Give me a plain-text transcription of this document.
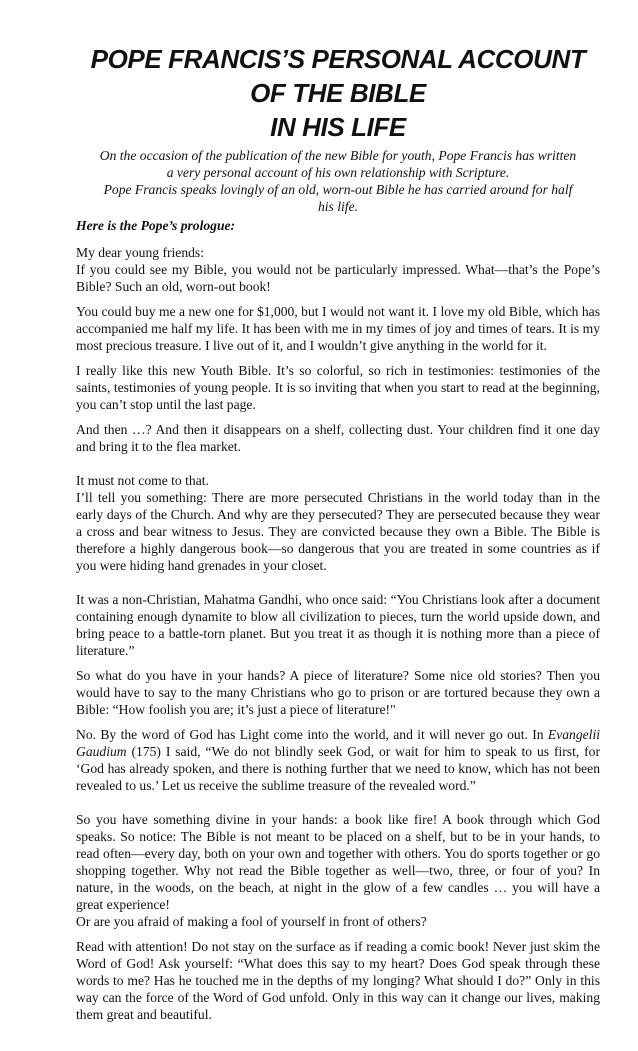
POPE FRANCIS’S PERSONAL ACCOUNT
OF THE BIBLE
IN HIS LIFE
On the occasion of the publication of the new Bible for youth, Pope Francis has written
a very personal account of his own relationship with Scripture.
Pope Francis speaks lovingly of an old, worn-out Bible he has carried around for half
his life.

Here is the Pope’s prologue:

My dear young friends:
If you could see my Bible, you would not be particularly impressed. What—that’s the Pope’s Bible? Such an old, worn-out book!

You could buy me a new one for $1,000, but I would not want it. I love my old Bible, which has accompanied me half my life. It has been with me in my times of joy and times of tears. It is my most precious treasure. I live out of it, and I wouldn’t give anything in the world for it.

I really like this new Youth Bible. It’s so colorful, so rich in testimonies: testimonies of the saints, testimonies of young people. It is so inviting that when you start to read at the beginning, you can’t stop until the last page.

And then …? And then it disappears on a shelf, collecting dust. Your children find it one day and bring it to the flea market.

It must not come to that.
I’ll tell you something: There are more persecuted Christians in the world today than in the early days of the Church. And why are they persecuted? They are persecuted because they wear a cross and bear witness to Jesus. They are convicted because they own a Bible. The Bible is therefore a highly dangerous book—so dangerous that you are treated in some countries as if you were hiding hand grenades in your closet.

It was a non-Christian, Mahatma Gandhi, who once said: “You Christians look after a document containing enough dynamite to blow all civilization to pieces, turn the world upside down, and bring peace to a battle-torn planet. But you treat it as though it is nothing more than a piece of literature.”

So what do you have in your hands? A piece of literature? Some nice old stories? Then you would have to say to the many Christians who go to prison or are tortured because they own a Bible: “How foolish you are; it’s just a piece of literature!"

No. By the word of God has Light come into the world, and it will never go out. In Evangelii Gaudium (175) I said, “We do not blindly seek God, or wait for him to speak to us first, for ‘God has already spoken, and there is nothing further that we need to know, which has not been revealed to us.’ Let us receive the sublime treasure of the revealed word.”

So you have something divine in your hands: a book like fire! A book through which God speaks. So notice: The Bible is not meant to be placed on a shelf, but to be in your hands, to read often—every day, both on your own and together with others. You do sports together or go shopping together. Why not read the Bible together as well—two, three, or four of you? In nature, in the woods, on the beach, at night in the glow of a few candles … you will have a great experience!
Or are you afraid of making a fool of yourself in front of others?

Read with attention! Do not stay on the surface as if reading a comic book! Never just skim the Word of God! Ask yourself: “What does this say to my heart? Does God speak through these words to me? Has he touched me in the depths of my longing? What should I do?” Only in this way can the force of the Word of God unfold. Only in this way can it change our lives, making them great and beautiful.
